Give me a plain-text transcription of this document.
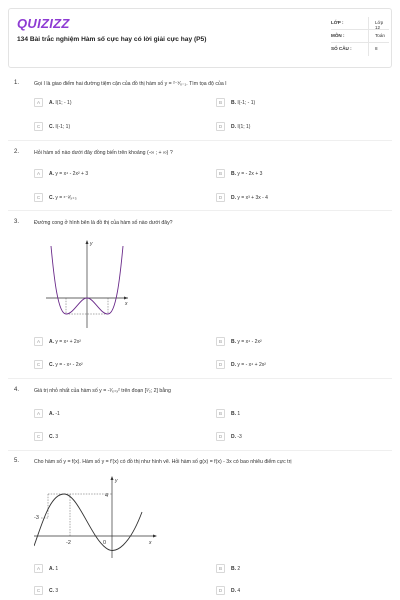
QUIZIZZ
134 Bài trắc nghiệm Hàm số cực hay có lời giải cực hay (P5)
LỚP :	Lớp 12
MÔN :	Toán
SỐ CÂU :	8
1.	Gọi I là giao điểm hai đường tiệm cận của đồ thị hàm số y = ²⁻ˣ⁄ₓ₋₁. Tìm tọa độ của I
A	A. I(1; - 1)	B	B. I(-1; - 1)
C	C. I(-1; 1)	D	D. I(1; 1)
2.	Hỏi hàm số nào dưới đây đồng biến trên khoảng (-∞ ; + ∞) ?
A	A. y = x⁴ - 2x² + 3	B	B. y = - 2x + 3
C	C. y = ˣ⁻²⁄ₓ₊₃	D	D. y = x³ + 3x - 4
3.	Đường cong ở hình bên là đồ thị của hàm số nào dưới đây?
y
x
A	A. y = x⁴ + 2x²	B	B. y = x⁴ - 2x²
C	C. y = - x⁴ - 2x²	D	D. y = - x⁴ + 2x²
4.	Giá trị nhỏ nhất của hàm số y = -¹⁄ₓ₊ₓ² trên đoạn [¹⁄₂; 2] bằng
A	A. -1	B	B. 1
C	C. 3	D	D. -3
5.	Cho hàm số y = f(x). Hàm số y = f'(x) có đồ thị như hình vẽ. Hỏi hàm số g(x) = f(x) - 3x có bao nhiêu điểm cực trị
y
x
4
-3
-2	0
A	A. 1	B	B. 2
C	C. 3	D	D. 4
